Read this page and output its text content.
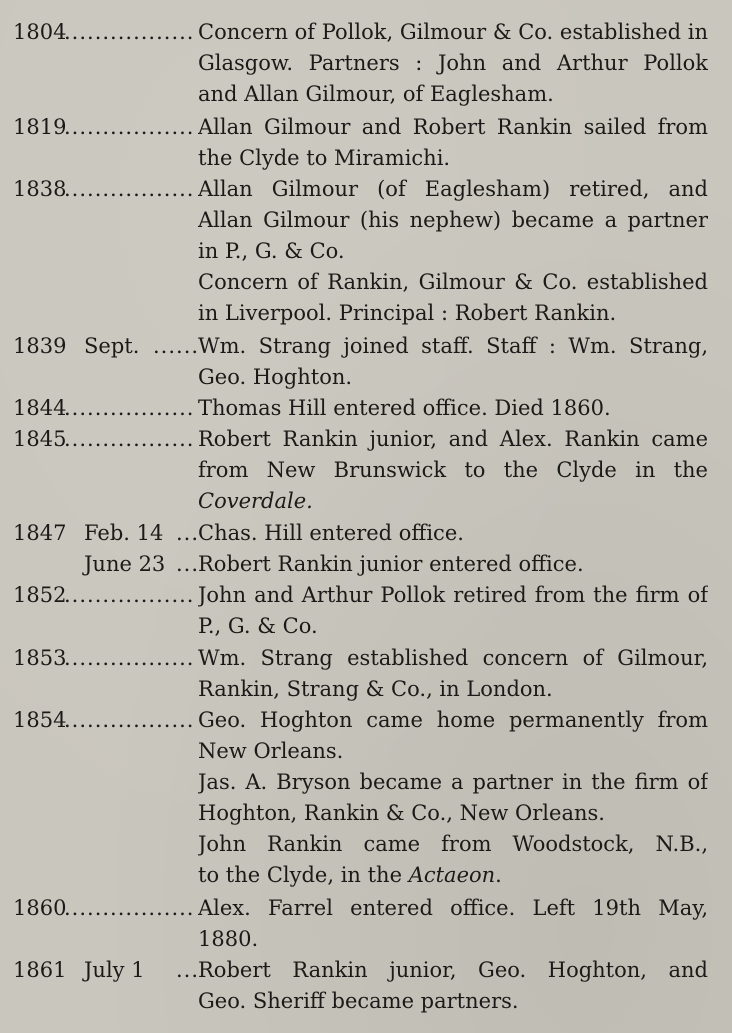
1804
................. Concern of Pollok, Gilmour & Co. established in
Glasgow. Partners : John and Arthur Pollok
and Allan Gilmour, of Eaglesham.
1819
................. Allan Gilmour and Robert Rankin sailed from
the Clyde to Miramichi.
1838
................. Allan Gilmour (of Eaglesham) retired, and
Allan Gilmour (his nephew) became a partner
in P., G. & Co.
Concern of Rankin, Gilmour & Co. established
in Liverpool. Principal : Robert Rankin.
1839 Sept. ......
Wm. Strang joined staff. Staff : Wm. Strang,
Geo. Hoghton.
1844
................. Thomas Hill entered office. Died 1860.
1845
................. Robert Rankin junior, and Alex. Rankin came
from New Brunswick to the Clyde in the
Coverdale.
1847 Feb. 14 ...
Chas. Hill entered office.
June 23 ...
Robert Rankin junior entered office.
1852
................. John and Arthur Pollok retired from the firm of
P., G. & Co.
1853
................. Wm. Strang established concern of Gilmour,
Rankin, Strang & Co., in London.
1854
................. Geo. Hoghton came home permanently from
New Orleans.
Jas. A. Bryson became a partner in the firm of
Hoghton, Rankin & Co., New Orleans.
John Rankin came from Woodstock, N.B.,
to the Clyde, in the Actaeon.
1860
................. Alex. Farrel entered office. Left 19th May,
1880.
1861 July 1 ...
Robert Rankin junior, Geo. Hoghton, and
Geo. Sheriff became partners.
